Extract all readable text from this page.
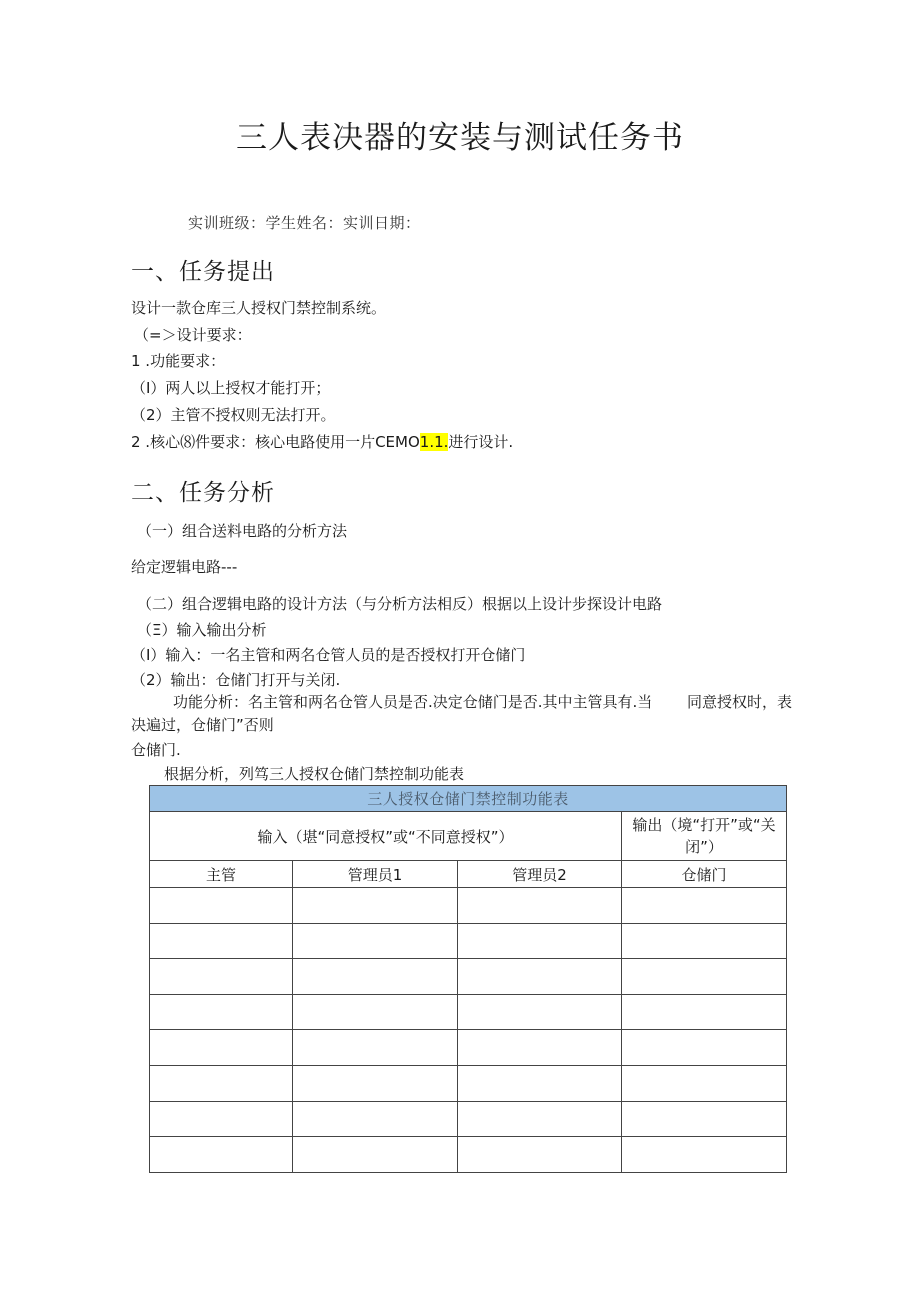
三人表决器的安装与测试任务书
实训班级：学生姓名：实训日期：
一、任务提出
设计一款仓库三人授权门禁控制系统。
（=＞设计要求：
1 .功能要求：
（I）两人以上授权才能打开；
（2）主管不授权则无法打开。
2 .核心⑻件要求：核心电路使用一片CEMO1.1.进行设计.
二、任务分析
（一）组合送料电路的分析方法
给定逻辑电路---
（二）组合逻辑电路的设计方法（与分析方法相反）根据以上设计步探设计电路
（Ξ）输入输出分析
（I）输入：一名主管和两名仓管人员的是否授权打开仓储门
（2）输出：仓储门打开与关闭.
功能分析：名主管和两名仓管人员是否.决定仓储门是否.其中主管具有.当 同意授权时，表
决遍过，仓储门”否则
仓储门.
根据分析，列笃三人授权仓储门禁控制功能表
三人授权仓储门禁控制功能表			
输入（堪“同意授权”或“不同意授权”）			输出（境“打开”或“关闭”）
主管	管理员1	管理员2	仓储门
